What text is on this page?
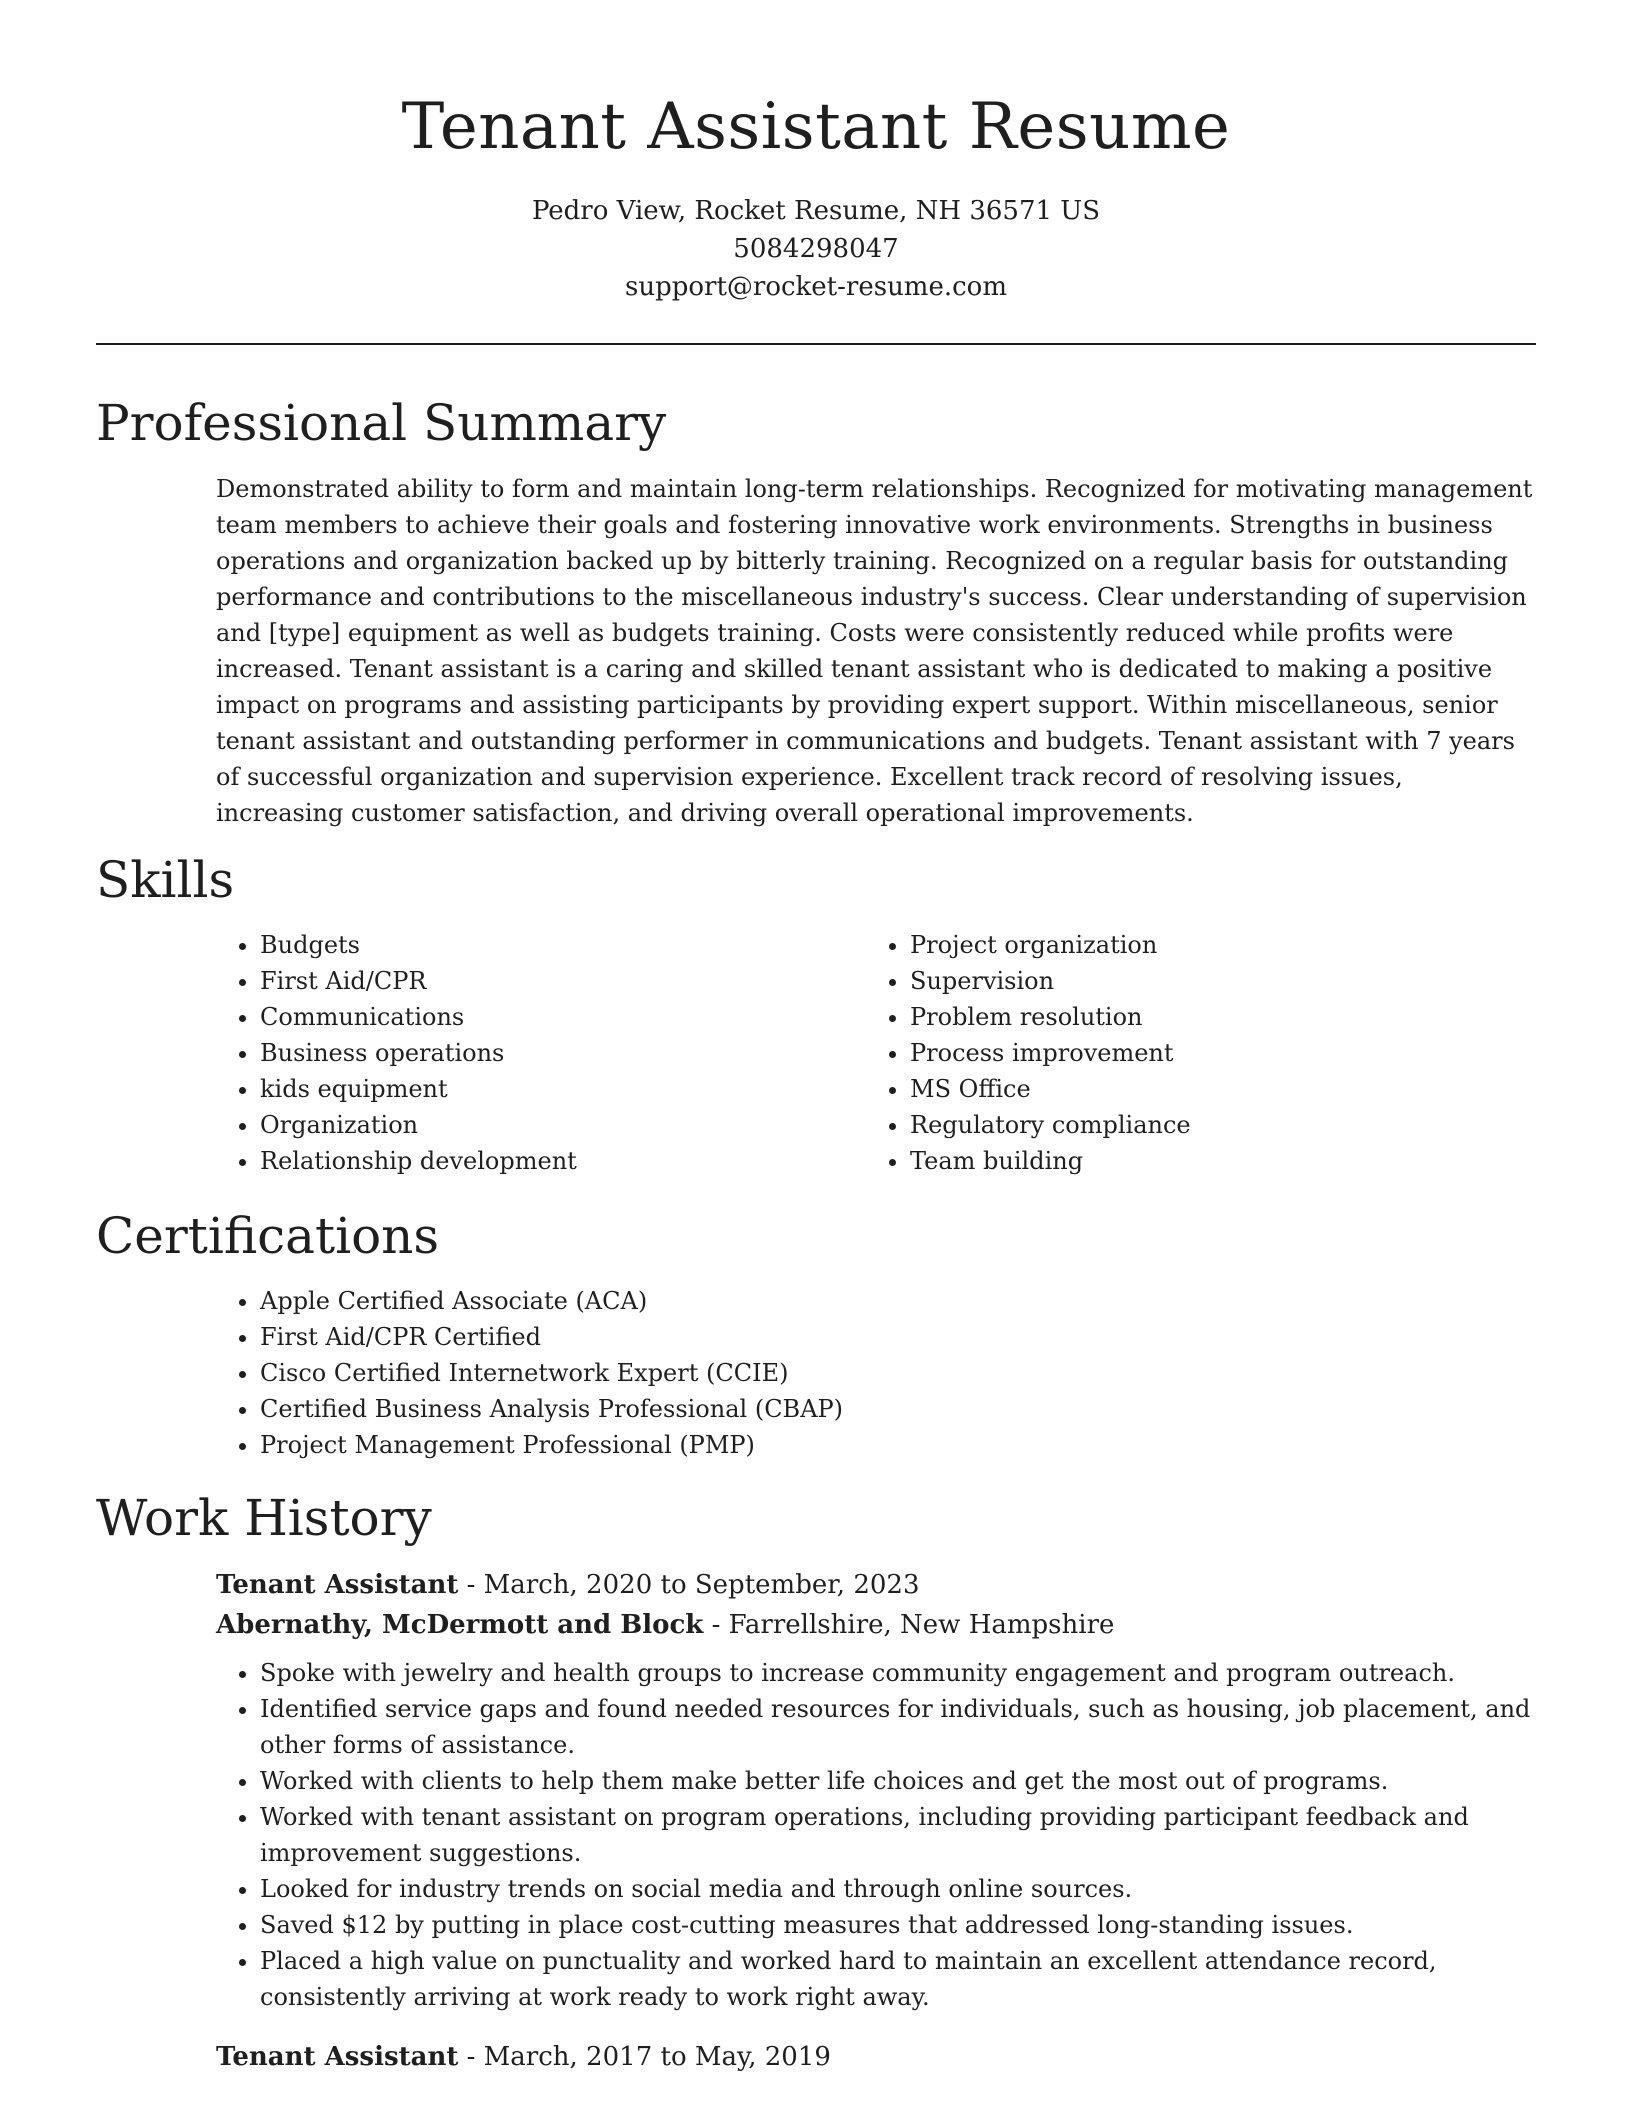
Tenant Assistant Resume
Pedro View, Rocket Resume, NH 36571 US
5084298047
support@rocket-resume.com
Professional Summary

Demonstrated ability to form and maintain long-term relationships. Recognized for motivating management team members to achieve their goals and fostering innovative work environments. Strengths in business operations and organization backed up by bitterly training. Recognized on a regular basis for outstanding performance and contributions to the miscellaneous industry's success. Clear understanding of supervision and [type] equipment as well as budgets training. Costs were consistently reduced while profits were increased. Tenant assistant is a caring and skilled tenant assistant who is dedicated to making a positive impact on programs and assisting participants by providing expert support. Within miscellaneous, senior tenant assistant and outstanding performer in communications and budgets. Tenant assistant with 7 years of successful organization and supervision experience. Excellent track record of resolving issues, increasing customer satisfaction, and driving overall operational improvements.

Skills
• Budgets
• First Aid/CPR
• Communications
• Business operations
• kids equipment
• Organization
• Relationship development
• Project organization
• Supervision
• Problem resolution
• Process improvement
• MS Office
• Regulatory compliance
• Team building
Certifications
• Apple Certified Associate (ACA)
• First Aid/CPR Certified
• Cisco Certified Internetwork Expert (CCIE)
• Certified Business Analysis Professional (CBAP)
• Project Management Professional (PMP)
Work History
Tenant Assistant - March, 2020 to September, 2023
Abernathy, McDermott and Block - Farrellshire, New Hampshire
• Spoke with jewelry and health groups to increase community engagement and program outreach.
• Identified service gaps and found needed resources for individuals, such as housing, job placement, and other forms of assistance.
• Worked with clients to help them make better life choices and get the most out of programs.
• Worked with tenant assistant on program operations, including providing participant feedback and improvement suggestions.
• Looked for industry trends on social media and through online sources.
• Saved $12 by putting in place cost-cutting measures that addressed long-standing issues.
• Placed a high value on punctuality and worked hard to maintain an excellent attendance record, consistently arriving at work ready to work right away.
Tenant Assistant - March, 2017 to May, 2019
